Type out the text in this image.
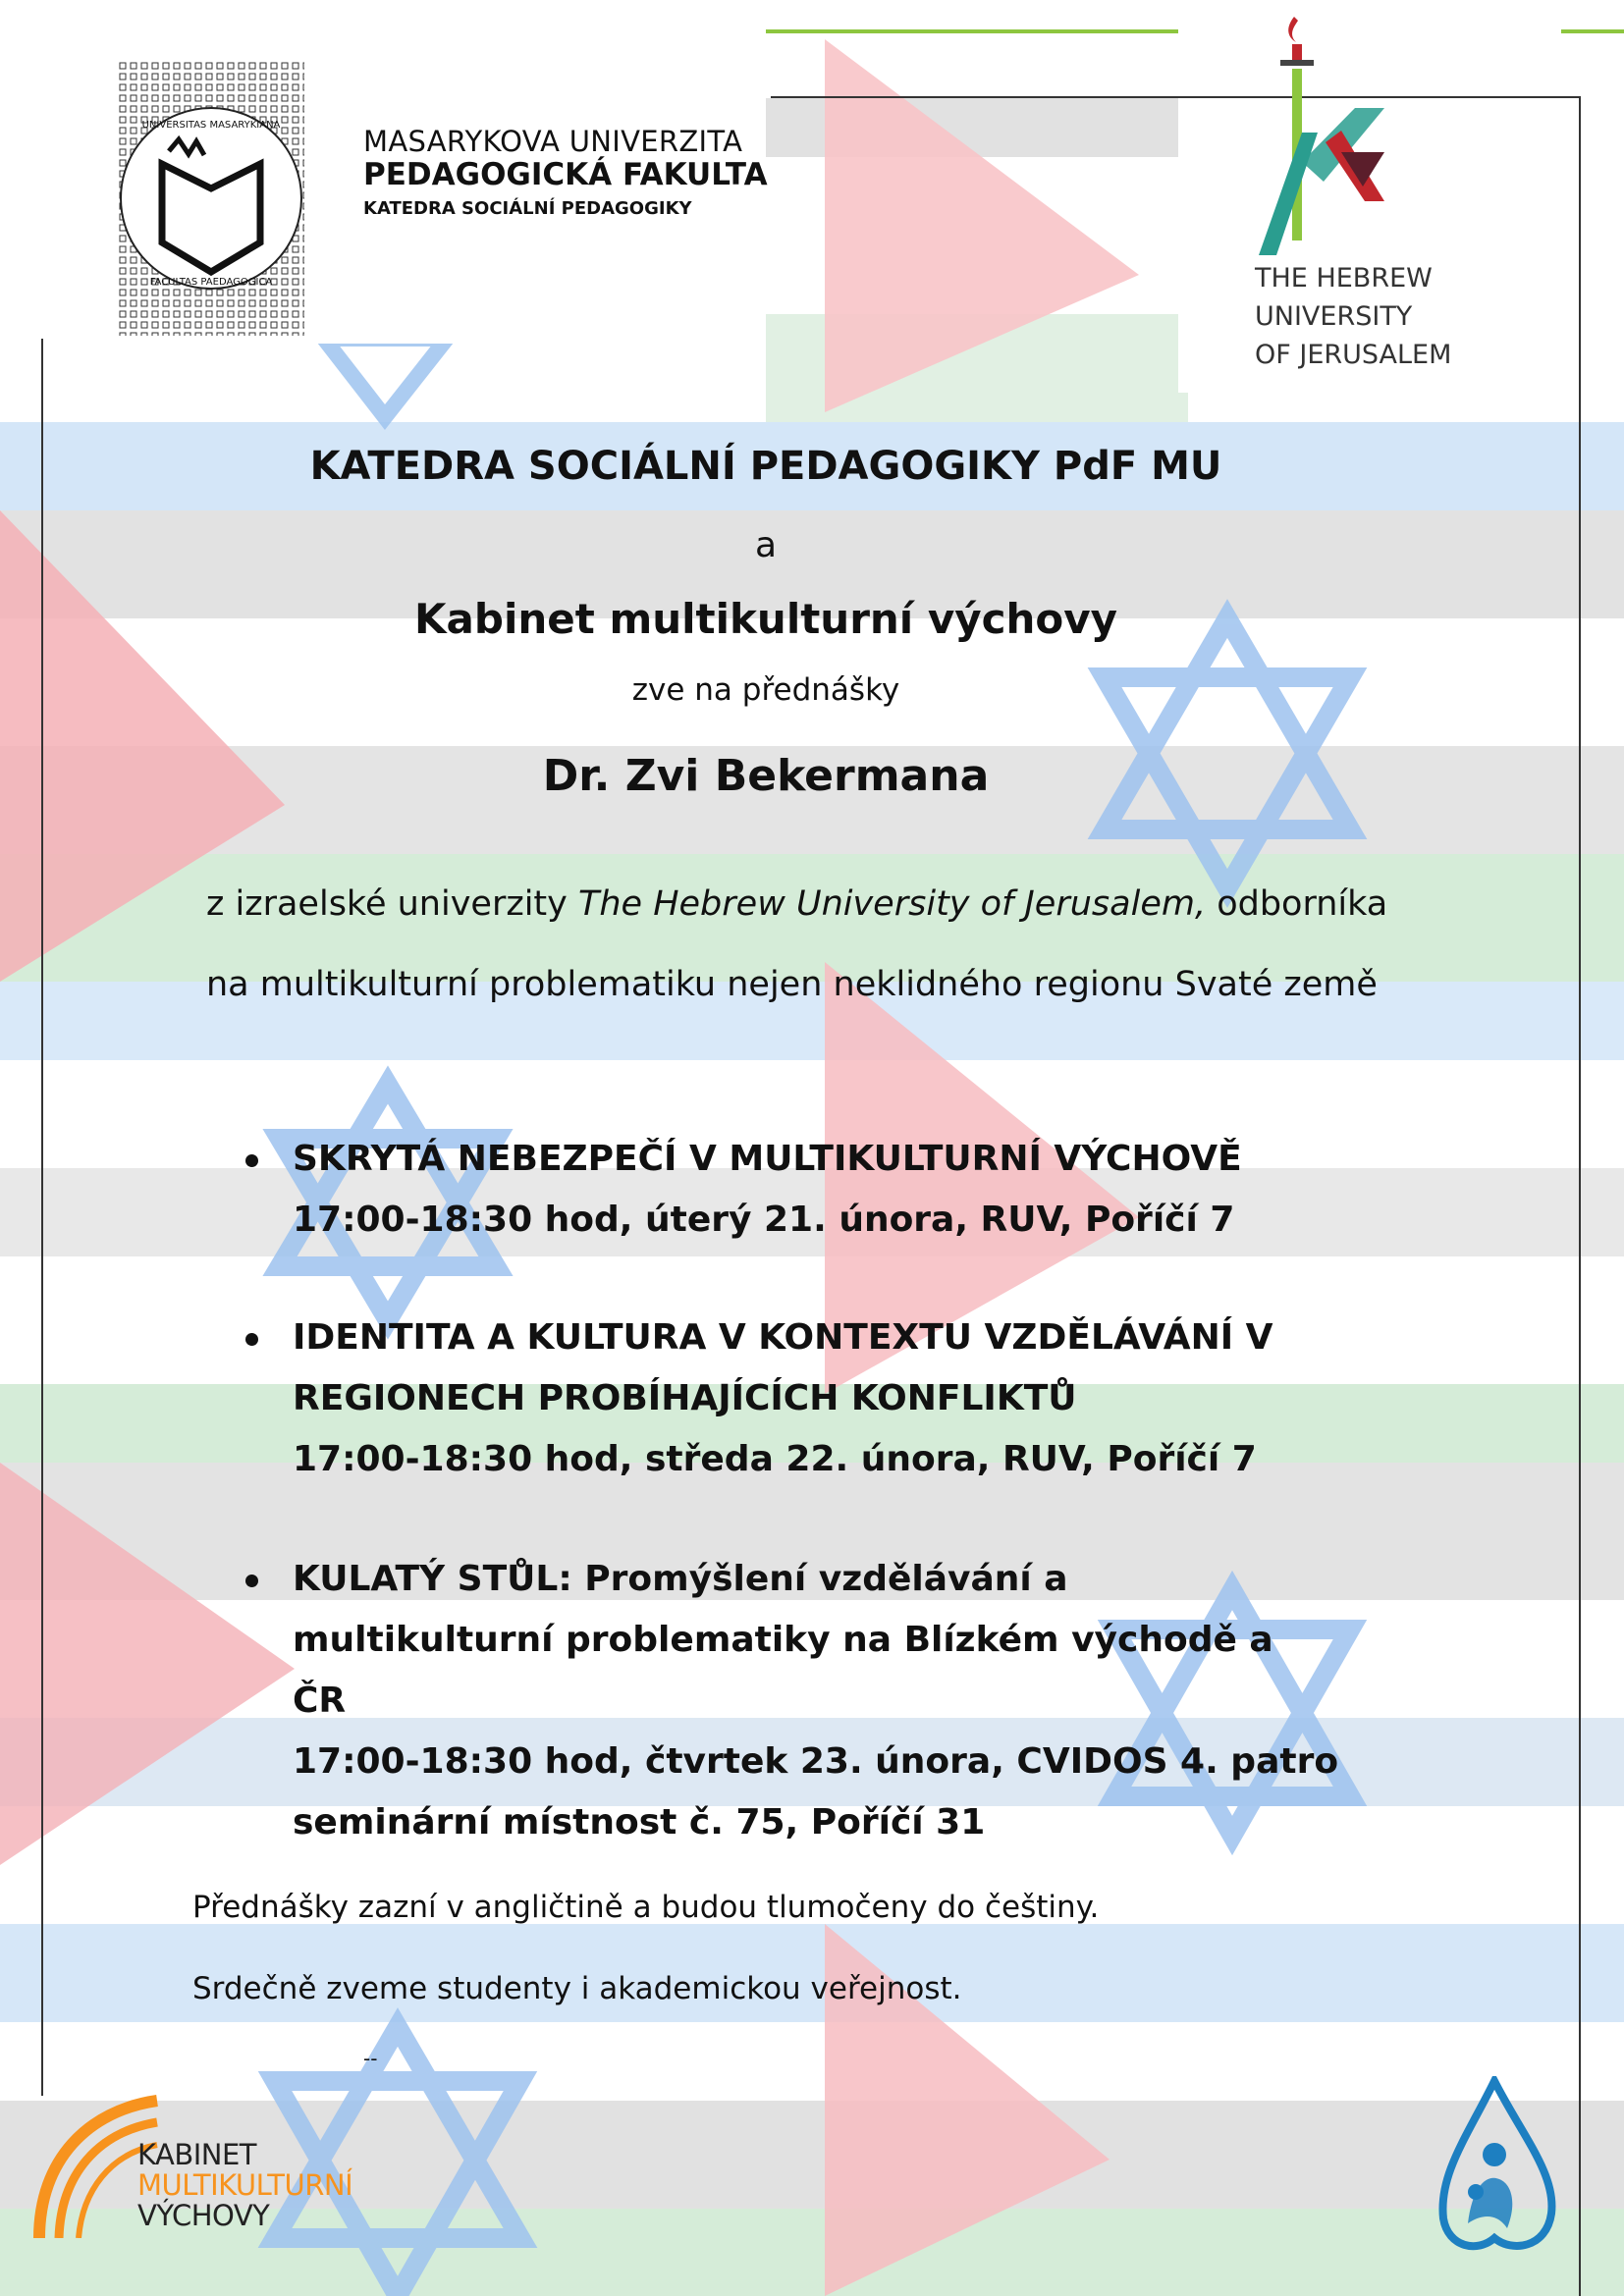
UNIVERSITAS MASARYKIANA
FACULTAS PAEDAGOGICA
MASARYKOVA UNIVERZITA
PEDAGOGICKÁ FAKULTA
KATEDRA SOCIÁLNÍ PEDAGOGIKY
THE HEBREW
UNIVERSITY
OF JERUSALEM
KATEDRA SOCIÁLNÍ PEDAGOGIKY PdF MU
a
Kabinet multikulturní výchovy
zve na přednášky
Dr. Zvi Bekermana
z izraelské univerzity The Hebrew University of Jerusalem, odborníka
na multikulturní problematiku nejen neklidného regionu Svaté země
SKRYTÁ NEBEZPEČÍ V MULTIKULTURNÍ VÝCHOVĚ
17:00-18:30 hod, úterý 21. února, RUV, Poříčí 7
IDENTITA A KULTURA V KONTEXTU VZDĚLÁVÁNÍ V REGIONECH PROBÍHAJÍCÍCH KONFLIKTŮ
17:00-18:30 hod, středa 22. února, RUV, Poříčí 7
KULATÝ STŮL: Promýšlení vzdělávání a multikulturní problematiky na Blízkém východě a ČR
17:00-18:30 hod, čtvrtek 23. února, CVIDOS 4. patro seminární místnost č. 75, Poříčí 31
Přednášky zazní v angličtině a budou tlumočeny do češtiny.
Srdečně zveme studenty i akademickou veřejnost.
--
KABINET
MULTIKULTURNÍ
VÝCHOVY
